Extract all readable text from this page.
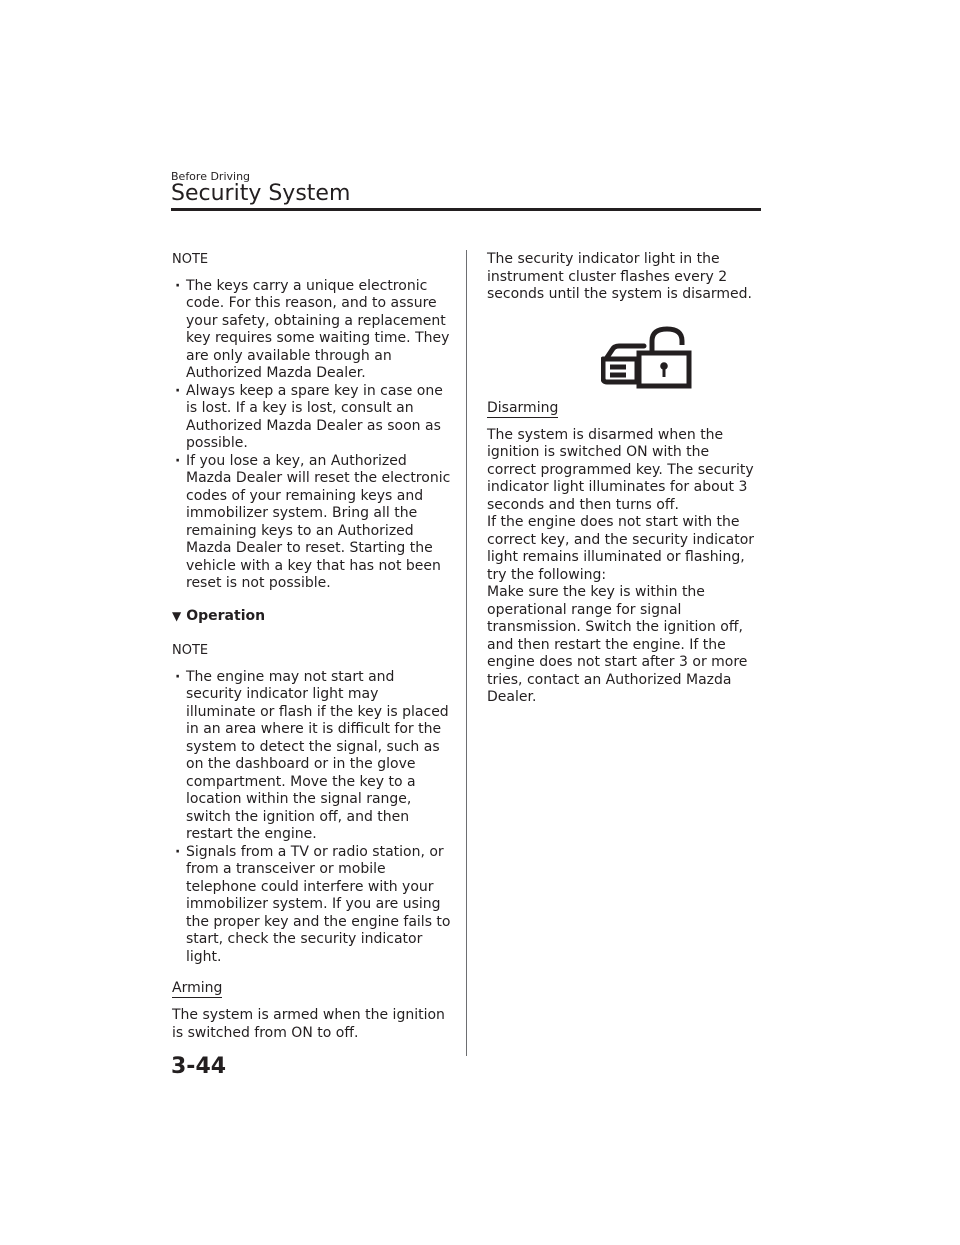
Before Driving
Security System

NOTE

· The keys carry a unique electronic code. For this reason, and to assure your safety, obtaining a replacement key requires some waiting time. They are only available through an Authorized Mazda Dealer.
· Always keep a spare key in case one is lost. If a key is lost, consult an Authorized Mazda Dealer as soon as possible.
· If you lose a key, an Authorized Mazda Dealer will reset the electronic codes of your remaining keys and immobilizer system. Bring all the remaining keys to an Authorized Mazda Dealer to reset. Starting the vehicle with a key that has not been reset is not possible.

▼ Operation

NOTE

· The engine may not start and security indicator light may illuminate or flash if the key is placed in an area where it is difficult for the system to detect the signal, such as on the dashboard or in the glove compartment. Move the key to a location within the signal range, switch the ignition off, and then restart the engine.
· Signals from a TV or radio station, or from a transceiver or mobile telephone could interfere with your immobilizer system. If you are using the proper key and the engine fails to start, check the security indicator light.

Arming

The system is armed when the ignition is switched from ON to off.

The security indicator light in the instrument cluster flashes every 2 seconds until the system is disarmed.

Disarming

The system is disarmed when the ignition is switched ON with the correct programmed key. The security indicator light illuminates for about 3 seconds and then turns off.

If the engine does not start with the correct key, and the security indicator light remains illuminated or flashing, try the following:

Make sure the key is within the operational range for signal transmission. Switch the ignition off, and then restart the engine. If the engine does not start after 3 or more tries, contact an Authorized Mazda Dealer.

3-44
